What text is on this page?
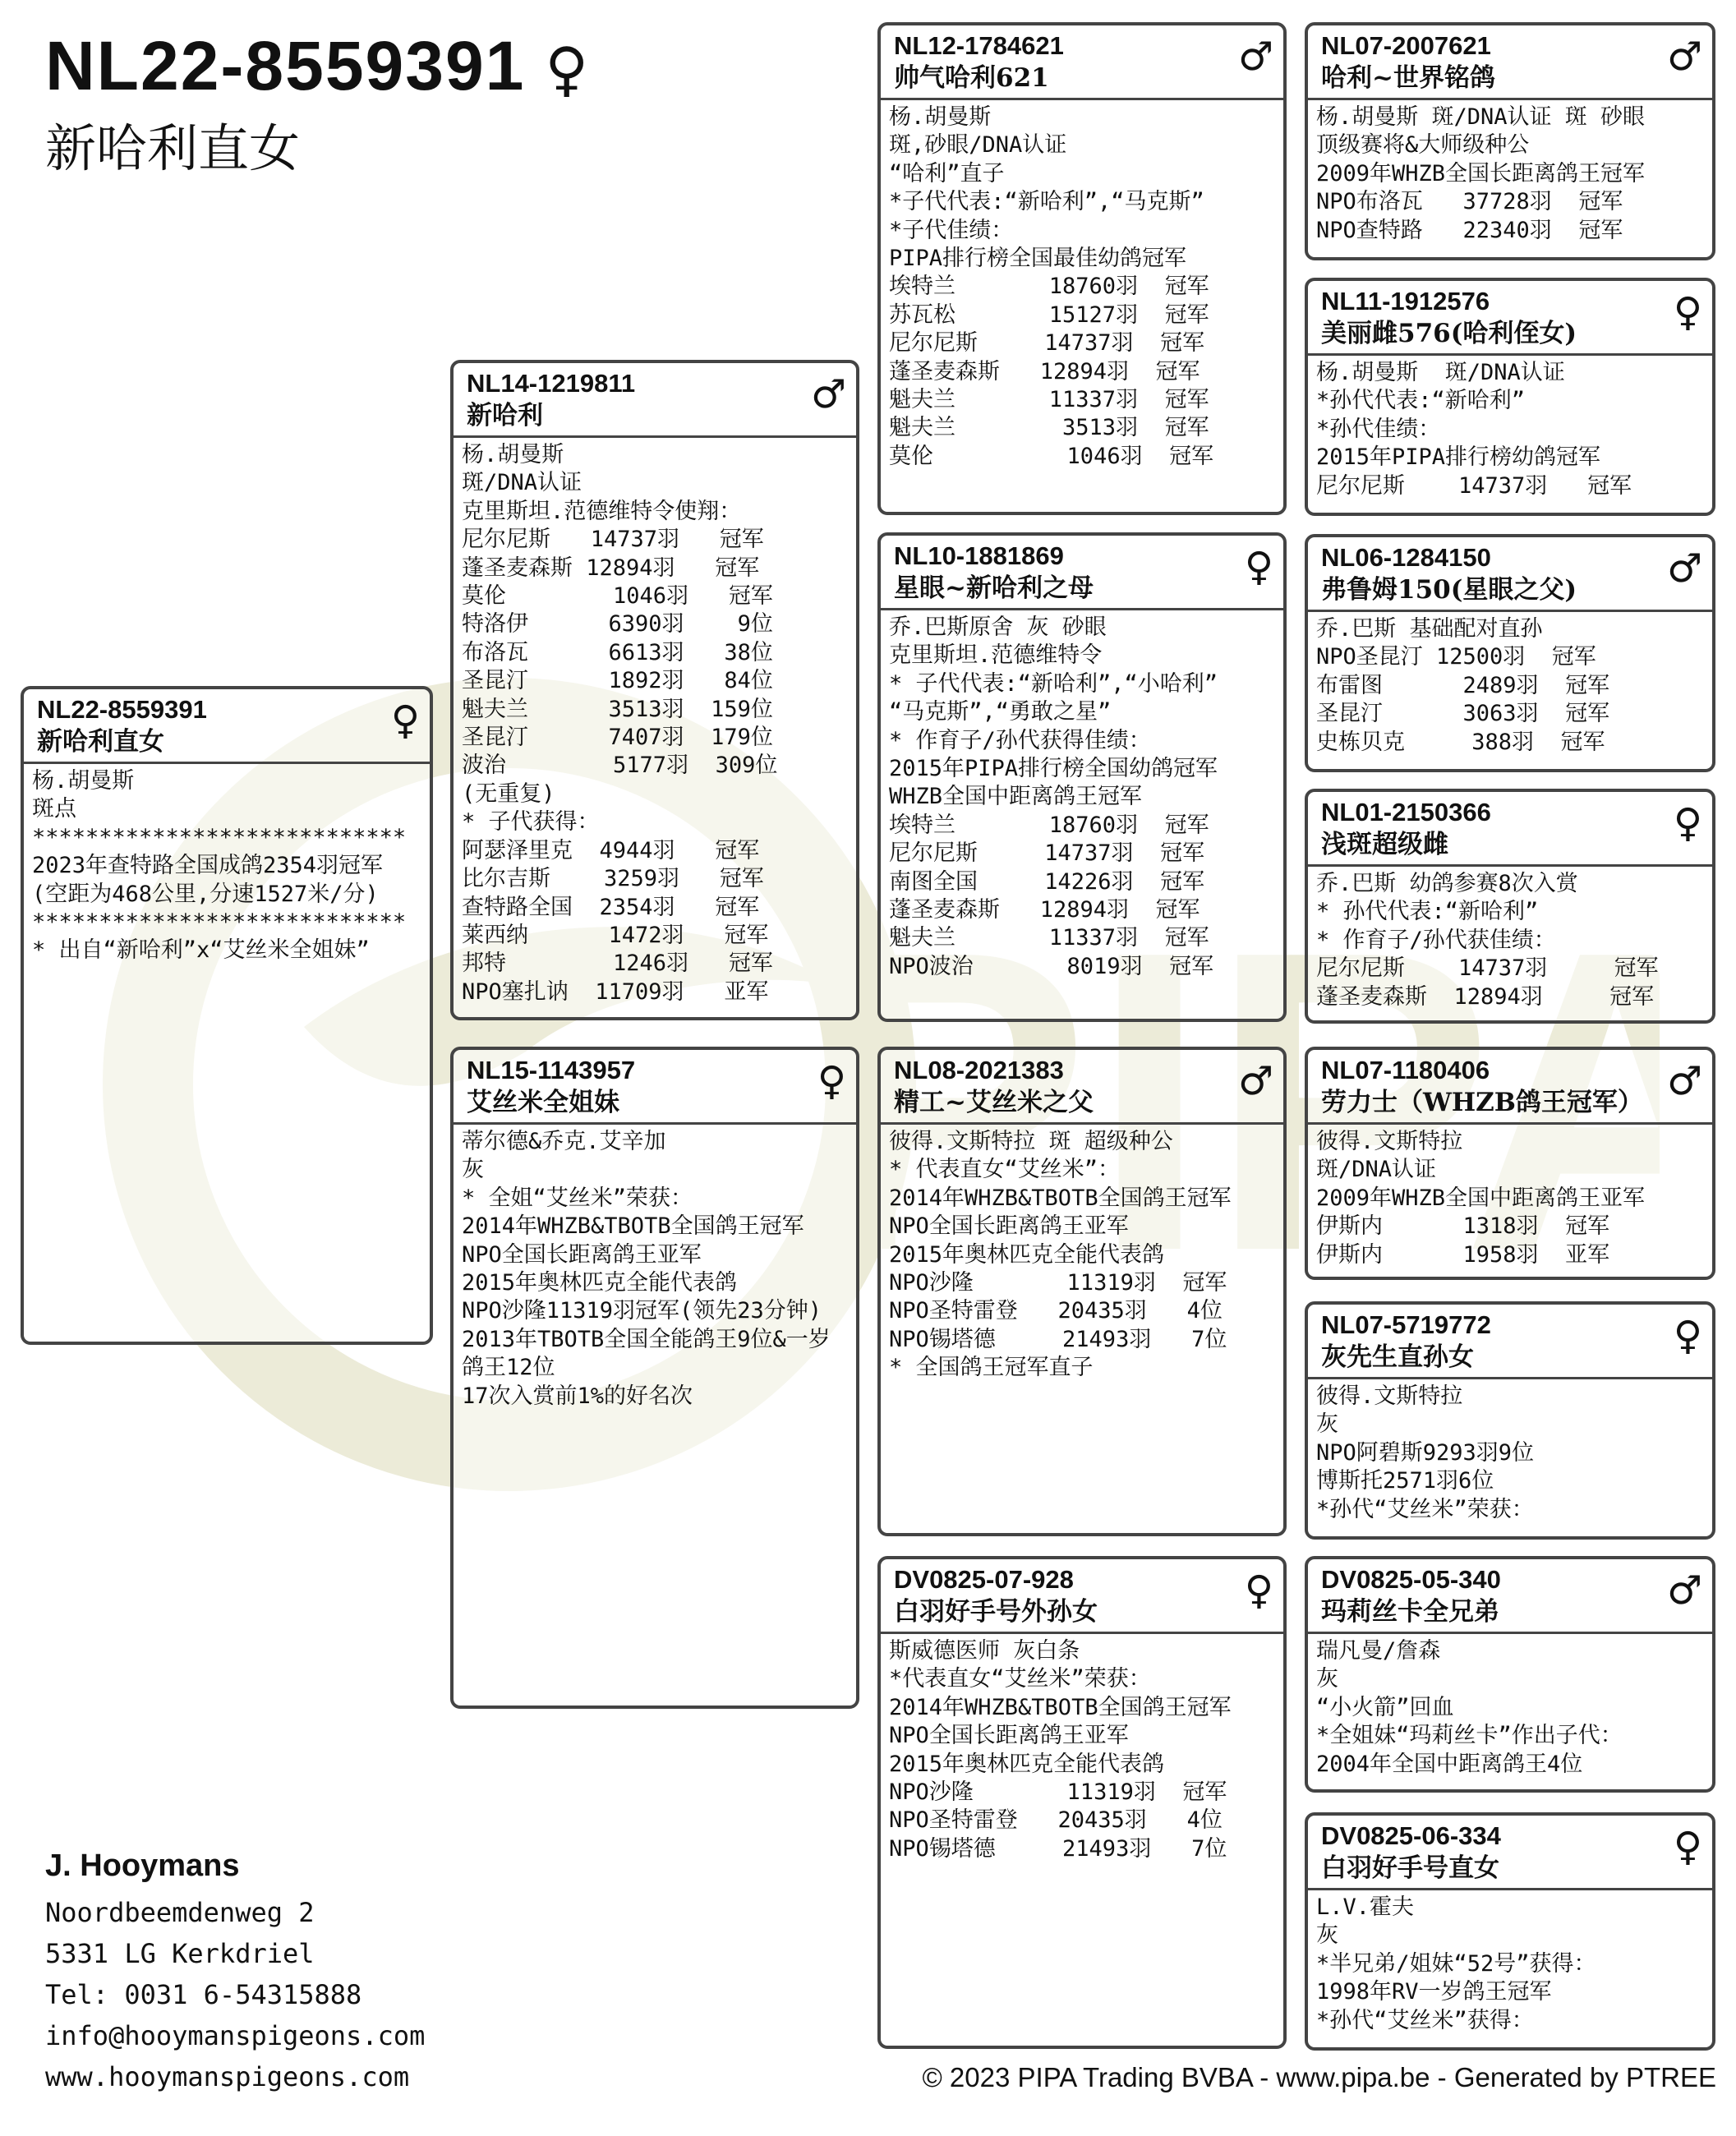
NL22-8559391 ♀
新哈利直女
NL22-8559391
新哈利直女	♀
杨.胡曼斯
斑点
****************************
2023年查特路全国成鸽2354羽冠军
(空距为468公里,分速1527米/分)
****************************
* 出自“新哈利”x“艾丝米全姐妹”
NL14-1219811
新哈利	♂
杨.胡曼斯
斑/DNA认证
克里斯坦.范德维特令使翔：
尼尔尼斯   14737羽   冠军
蓬圣麦森斯 12894羽   冠军
莫伦        1046羽   冠军
特洛伊      6390羽    9位
布洛瓦      6613羽   38位
圣昆汀      1892羽   84位
魁夫兰      3513羽  159位
圣昆汀      7407羽  179位
波治        5177羽  309位
(无重复)
* 子代获得：
阿瑟泽里克  4944羽   冠军
比尔吉斯    3259羽   冠军
查特路全国  2354羽   冠军
莱西纳      1472羽   冠军
邦特        1246羽   冠军
NPO塞扎讷  11709羽   亚军
NL15-1143957
艾丝米全姐妹	♀
蒂尔德&乔克.艾辛加
灰
* 全姐“艾丝米”荣获：
2014年WHZB&TBOTB全国鸽王冠军
NPO全国长距离鸽王亚军
2015年奥林匹克全能代表鸽
NPO沙隆11319羽冠军(领先23分钟)
2013年TBOTB全国全能鸽王9位&一岁
鸽王12位
17次入赏前1%的好名次
NL12-1784621
帅气哈利621	♂
杨.胡曼斯
斑,砂眼/DNA认证
“哈利”直子
*子代代表:“新哈利”,“马克斯”
*子代佳绩：
PIPA排行榜全国最佳幼鸽冠军
埃特兰       18760羽  冠军
苏瓦松       15127羽  冠军
尼尔尼斯     14737羽  冠军
蓬圣麦森斯   12894羽  冠军
魁夫兰       11337羽  冠军
魁夫兰        3513羽  冠军
莫伦          1046羽  冠军
NL10-1881869
星眼~新哈利之母	♀
乔.巴斯原舍 灰 砂眼
克里斯坦.范德维特令
* 子代代表:“新哈利”,“小哈利”
“马克斯”,“勇敢之星”
* 作育子/孙代获得佳绩：
2015年PIPA排行榜全国幼鸽冠军
WHZB全国中距离鸽王冠军
埃特兰       18760羽  冠军
尼尔尼斯     14737羽  冠军
南图全国     14226羽  冠军
蓬圣麦森斯   12894羽  冠军
魁夫兰       11337羽  冠军
NPO波治       8019羽  冠军
NL08-2021383
精工~艾丝米之父	♂
彼得.文斯特拉 斑 超级种公
* 代表直女“艾丝米”：
2014年WHZB&TBOTB全国鸽王冠军
NPO全国长距离鸽王亚军
2015年奥林匹克全能代表鸽
NPO沙隆       11319羽  冠军
NPO圣特雷登   20435羽   4位
NPO锡塔德     21493羽   7位
* 全国鸽王冠军直子
DV0825-07-928
白羽好手号外孙女	♀
斯威德医师 灰白条
*代表直女“艾丝米”荣获：
2014年WHZB&TBOTB全国鸽王冠军
NPO全国长距离鸽王亚军
2015年奥林匹克全能代表鸽
NPO沙隆       11319羽  冠军
NPO圣特雷登   20435羽   4位
NPO锡塔德     21493羽   7位
NL07-2007621
哈利~世界铭鸽	♂
杨.胡曼斯 斑/DNA认证 斑 砂眼
顶级赛将&大师级种公
2009年WHZB全国长距离鸽王冠军
NPO布洛瓦   37728羽  冠军
NPO查特路   22340羽  冠军
NL11-1912576
美丽雌576(哈利侄女)	♀
杨.胡曼斯  斑/DNA认证
*孙代代表:“新哈利”
*孙代佳绩：
2015年PIPA排行榜幼鸽冠军
尼尔尼斯    14737羽   冠军
NL06-1284150
弗鲁姆150(星眼之父)	♂
乔.巴斯 基础配对直孙
NPO圣昆汀 12500羽  冠军
布雷图      2489羽  冠军
圣昆汀      3063羽  冠军
史栋贝克     388羽  冠军
NL01-2150366
浅斑超级雌	♀
乔.巴斯 幼鸽参赛8次入赏
* 孙代代表:“新哈利”
* 作育子/孙代获佳绩：
尼尔尼斯    14737羽     冠军
蓬圣麦森斯  12894羽     冠军
NL07-1180406
劳力士（WHZB鸽王冠军） ♂
彼得.文斯特拉
斑/DNA认证
2009年WHZB全国中距离鸽王亚军
伊斯内      1318羽  冠军
伊斯内      1958羽  亚军
NL07-5719772
灰先生直孙女	♀
彼得.文斯特拉
灰
NPO阿碧斯9293羽9位
博斯托2571羽6位
*孙代“艾丝米”荣获：
DV0825-05-340
玛莉丝卡全兄弟	♂
瑞凡曼/詹森
灰
“小火箭”回血
*全姐妹“玛莉丝卡”作出子代：
2004年全国中距离鸽王4位
DV0825-06-334
白羽好手号直女	♀
L.V.霍夫
灰
*半兄弟/姐妹“52号”获得：
1998年RV一岁鸽王冠军
*孙代“艾丝米”获得：
J. Hooymans
Noordbeemdenweg 2
5331 LG Kerkdriel
Tel: 0031 6-54315888
info@hooymanspigeons.com
www.hooymanspigeons.com	© 2023 PIPA Trading BVBA - www.pipa.be - Generated by PTREE
